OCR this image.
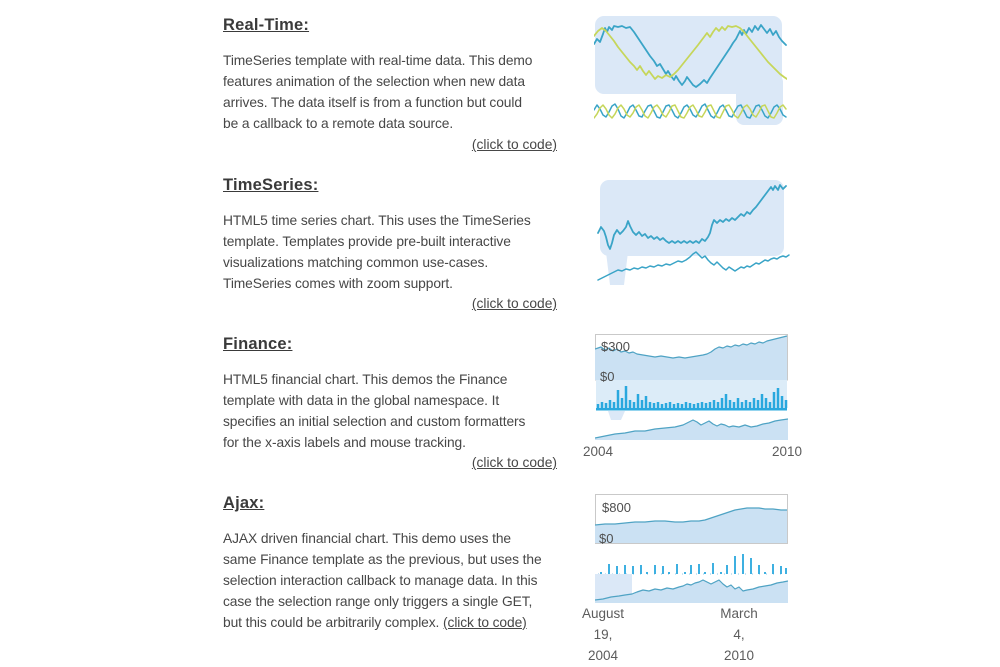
Real-Time:
TimeSeries template with real-time data. This demo
features animation of the selection when new data
arrives. The data itself is from a function but could
be a callback to a remote data source.
(click to code)
TimeSeries:
HTML5 time series chart. This uses the TimeSeries
template. Templates provide pre-built interactive
visualizations matching common use-cases.
TimeSeries comes with zoom support.
(click to code)
Finance:
HTML5 financial chart. This demos the Finance
template with data in the global namespace. It
specifies an initial selection and custom formatters
for the x-axis labels and mouse tracking.
(click to code)
$300
$0
2004	2010
Ajax:
AJAX driven financial chart. This demo uses the
same Finance template as the previous, but uses the
selection interaction callback to manage data. In this
case the selection range only triggers a single GET,
but this could be arbitrarily complex. (click to code)
$800
$0
August
19,
2004
March
4,
2010
